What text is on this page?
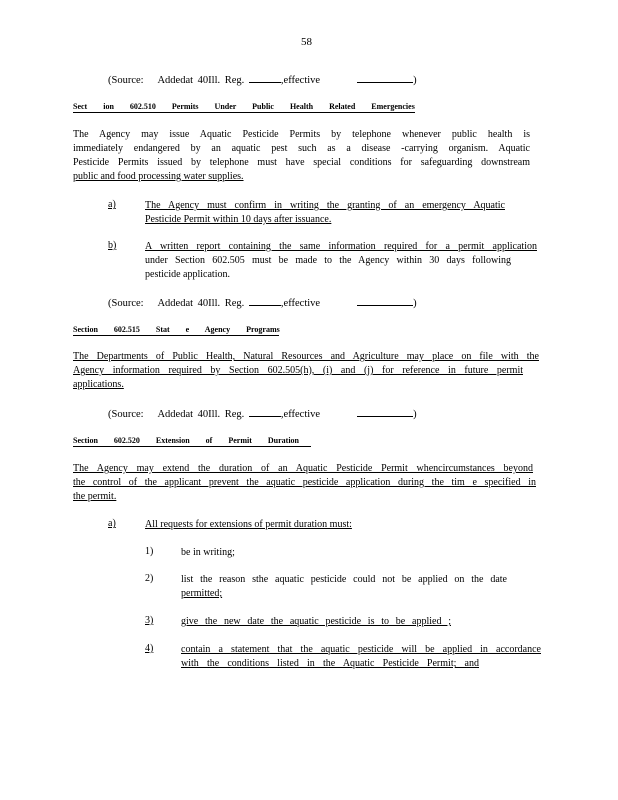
58
(Source: Addedat 40Ill. Reg.	,effective	)
Sect ion 602.510 Permits Under Public Health Related Emergencies
The Agency may issue Aquatic Pesticide Permits by telephone whenever public health is
immediately endangered by an aquatic pest such as a disease -carrying organism. Aquatic
Pesticide Permits issued by telephone must have special conditions for safeguarding downstream
public and food processing water supplies.
a)	The Agency must confirm in writing the granting of an emergency Aquatic
Pesticide Permit within 10 days after issuance.
b)	A written report containing the same information required for a permit application
under Section 602.505 must be made to the Agency within 30 days following
pesticide application.
(Source: Addedat 40Ill. Reg.	,effective	)
Section 602.515 Stat e Agency Programs
The Departments of Public Health, Natural Resources and Agriculture may place on file with the
Agency information required by Section 602.505(h), (i) and (j) for reference in future permit
applications.
(Source: Addedat 40Ill. Reg.	,effective	)
Section 602.520 Extension of Permit Duration
The Agency may extend the duration of an Aquatic Pesticide Permit whencircumstances beyond
the control of the applicant prevent the aquatic pesticide application during the tim e specified in
the permit.
a)	All requests for extensions of permit duration must:
1)	be in writing;
2)	list the reason sthe aquatic pesticide could not be applied on the date
permitted;
3)	give the new date the aquatic pesticide is to be applied ;
4)	contain a statement that the aquatic pesticide will be applied in accordance
with the conditions listed in the Aquatic Pesticide Permit; and
